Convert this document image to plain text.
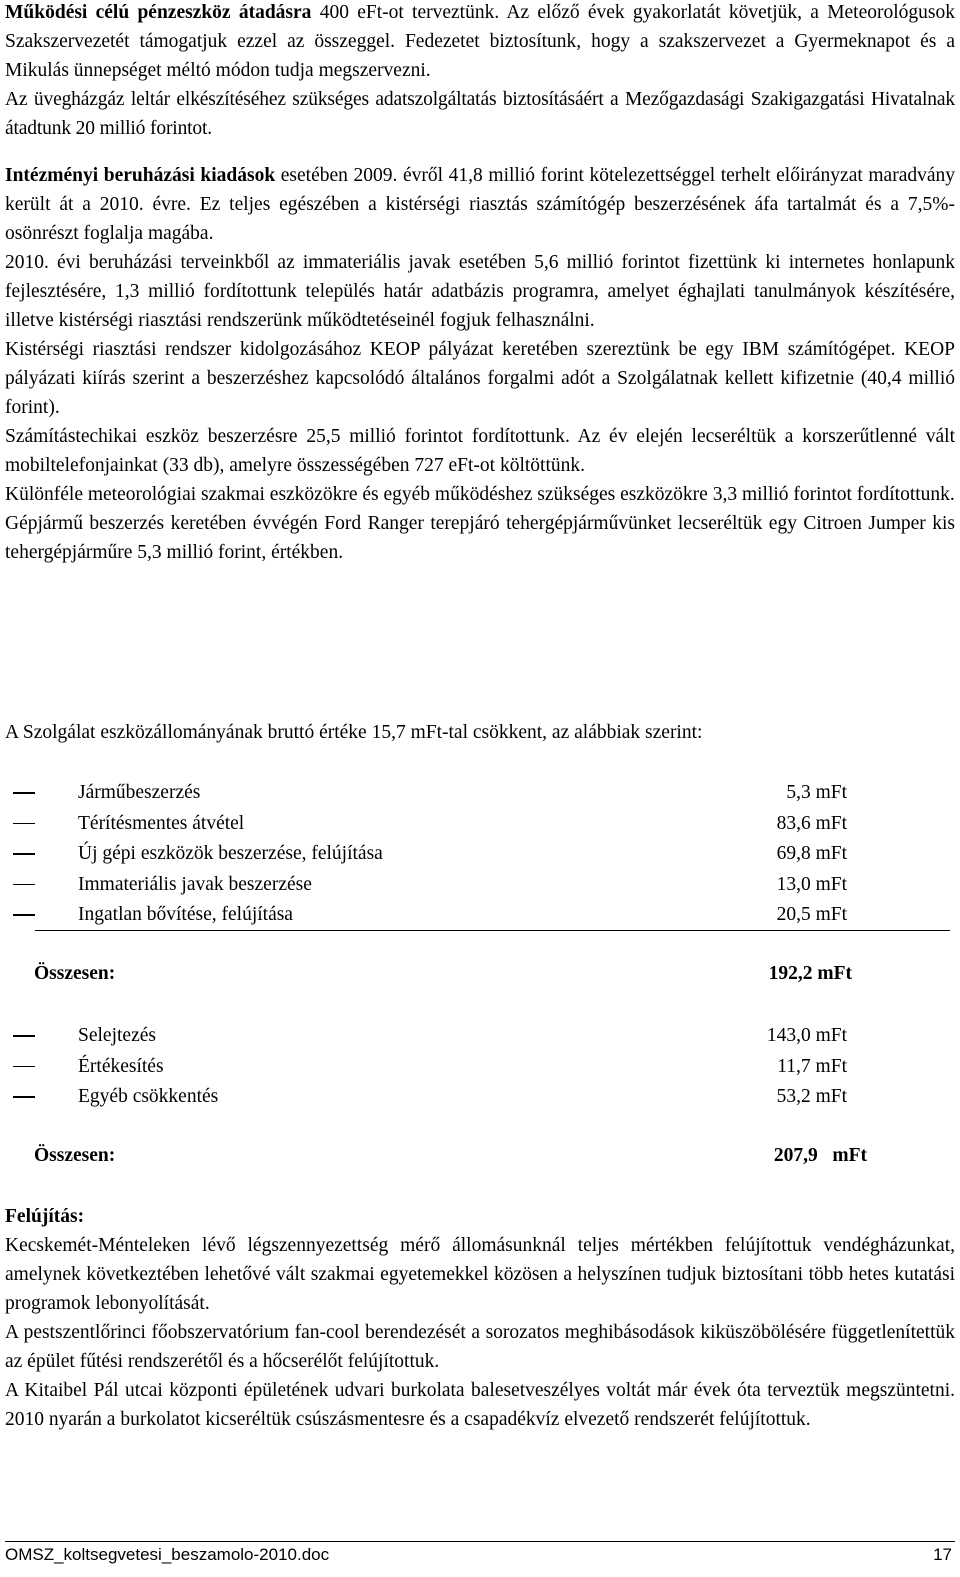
Működési célú pénzeszköz átadásra 400 eFt-ot terveztünk. Az előző évek gyakorlatát követjük, a Meteorológusok Szakszervezetét támogatjuk ezzel az összeggel. Fedezetet biztosítunk, hogy a szakszervezet a Gyermeknapot és a Mikulás ünnepséget méltó módon tudja megszervezni.

Az üvegházgáz leltár elkészítéséhez szükséges adatszolgáltatás biztosításáért a Mezőgazdasági Szakigazgatási Hivatalnak átadtunk 20 millió forintot.

Intézményi beruházási kiadások esetében 2009. évről 41,8 millió forint kötelezettséggel terhelt előirányzat maradvány került át a 2010. évre. Ez teljes egészében a kistérségi riasztás számítógép beszerzésének áfa tartalmát és a 7,5%-osönrészt foglalja magába.

2010. évi beruházási terveinkből az immateriális javak esetében 5,6 millió forintot fizettünk ki internetes honlapunk fejlesztésére, 1,3 millió fordítottunk település határ adatbázis programra, amelyet éghajlati tanulmányok készítésére, illetve kistérségi riasztási rendszerünk működtetéseinél fogjuk felhasználni.

Kistérségi riasztási rendszer kidolgozásához KEOP pályázat keretében szereztünk be egy IBM számítógépet. KEOP pályázati kiírás szerint a beszerzéshez kapcsolódó általános forgalmi adót a Szolgálatnak kellett kifizetnie (40,4 millió forint).

Számítástechikai eszköz beszerzésre 25,5 millió forintot fordítottunk. Az év elején lecseréltük a korszerűtlenné vált mobiltelefonjainkat (33 db), amelyre összességében 727 eFt-ot költöttünk.

Különféle meteorológiai szakmai eszközökre és egyéb működéshez szükséges eszközökre 3,3 millió forintot fordítottunk.

Gépjármű beszerzés keretében évvégén Ford Ranger terepjáró tehergépjárművünket lecseréltük egy Citroen Jumper kis tehergépjárműre 5,3 millió forint, értékben.

A Szolgálat eszközállományának bruttó értéke 15,7 mFt-tal csökkent, az alábbiak szerint:

Járműbeszerzés	5,3 mFt
Térítésmentes átvétel	83,6 mFt
Új gépi eszközök beszerzése, felújítása	69,8 mFt
Immateriális javak beszerzése	13,0 mFt
Ingatlan bővítése, felújítása	20,5 mFt
Összesen:	192,2 mFt
Selejtezés	143,0 mFt
Értékesítés	11,7 mFt
Egyéb csökkentés	53,2 mFt
Összesen:	207,9   mFt

Felújítás:

Kecskemét-Ménteleken lévő légszennyezettség mérő állomásunknál teljes mértékben felújítottuk vendégházunkat, amelynek következtében lehetővé vált szakmai egyetemekkel közösen a helyszínen tudjuk biztosítani több hetes kutatási programok lebonyolítását.

A pestszentlőrinci főobszervatórium fan-cool berendezését a sorozatos meghibásodások kiküszöbölésére függetlenítettük az épület fűtési rendszerétől és a hőcserélőt felújítottuk.

A Kitaibel Pál utcai központi épületének udvari burkolata balesetveszélyes voltát már évek óta terveztük megszüntetni. 2010 nyarán a burkolatot kicseréltük csúszásmentesre és a csapadékvíz elvezető rendszerét felújítottuk.

OMSZ_koltsegvetesi_beszamolo-2010.doc	17
